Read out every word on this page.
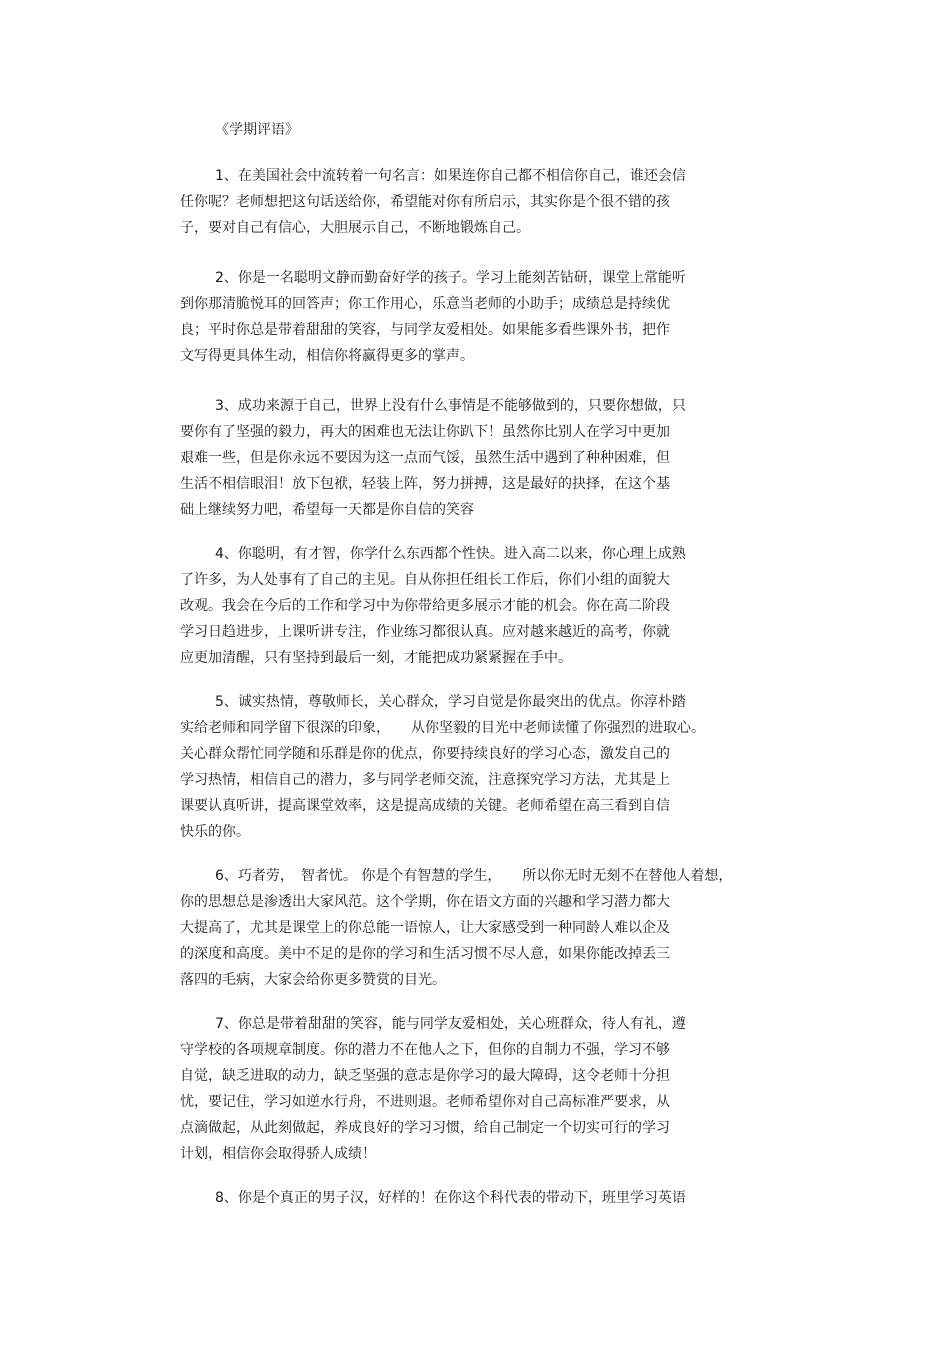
《学期评语》
1、在美国社会中流转着一句名言：如果连你自己都不相信你自己，谁还会信
任你呢？老师想把这句话送给你，希望能对你有所启示，其实你是个很不错的孩
子，要对自己有信心，大胆展示自己，不断地锻炼自己。
2、你是一名聪明文静而勤奋好学的孩子。学习上能刻苦钻研，课堂上常能听
到你那清脆悦耳的回答声；你工作用心，乐意当老师的小助手；成绩总是持续优
良；平时你总是带着甜甜的笑容，与同学友爱相处。如果能多看些课外书，把作
文写得更具体生动，相信你将赢得更多的掌声。
3、成功来源于自己，世界上没有什么事情是不能够做到的，只要你想做，只
要你有了坚强的毅力，再大的困难也无法让你趴下！虽然你比别人在学习中更加
艰难一些，但是你永远不要因为这一点而气馁，虽然生活中遇到了种种困难，但
生活不相信眼泪！放下包袱，轻装上阵，努力拼搏，这是最好的抉择，在这个基
础上继续努力吧，希望每一天都是你自信的笑容
4、你聪明，有才智，你学什么东西都个性快。进入高二以来，你心理上成熟
了许多，为人处事有了自己的主见。自从你担任组长工作后，你们小组的面貌大
改观。我会在今后的工作和学习中为你带给更多展示才能的机会。你在高二阶段
学习日趋进步，上课听讲专注，作业练习都很认真。应对越来越近的高考，你就
应更加清醒，只有坚持到最后一刻，才能把成功紧紧握在手中。
5、诚实热情，尊敬师长，关心群众，学习自觉是你最突出的优点。你淳朴踏
实给老师和同学留下很深的印象，　　从你坚毅的目光中老师读懂了你强烈的进取心。
关心群众帮忙同学随和乐群是你的优点，你要持续良好的学习心态，激发自己的
学习热情，相信自己的潜力，多与同学老师交流，注意探究学习方法，尤其是上
课要认真听讲，提高课堂效率，这是提高成绩的关键。老师希望在高三看到自信
快乐的你。
6、巧者劳，　智者忧。 你是个有智慧的学生，　　所以你无时无刻不在替他人着想，
你的思想总是渗透出大家风范。这个学期，你在语文方面的兴趣和学习潜力都大
大提高了，尤其是课堂上的你总能一语惊人，让大家感受到一种同龄人难以企及
的深度和高度。美中不足的是你的学习和生活习惯不尽人意，如果你能改掉丢三
落四的毛病，大家会给你更多赞赏的目光。
7、你总是带着甜甜的笑容，能与同学友爱相处，关心班群众，待人有礼，遵
守学校的各项规章制度。你的潜力不在他人之下，但你的自制力不强，学习不够
自觉，缺乏进取的动力，缺乏坚强的意志是你学习的最大障碍，这令老师十分担
忧，要记住，学习如逆水行舟，不进则退。老师希望你对自己高标准严要求，从
点滴做起，从此刻做起，养成良好的学习习惯，给自己制定一个切实可行的学习
计划，相信你会取得骄人成绩！
8、你是个真正的男子汉，好样的！在你这个科代表的带动下，班里学习英语
